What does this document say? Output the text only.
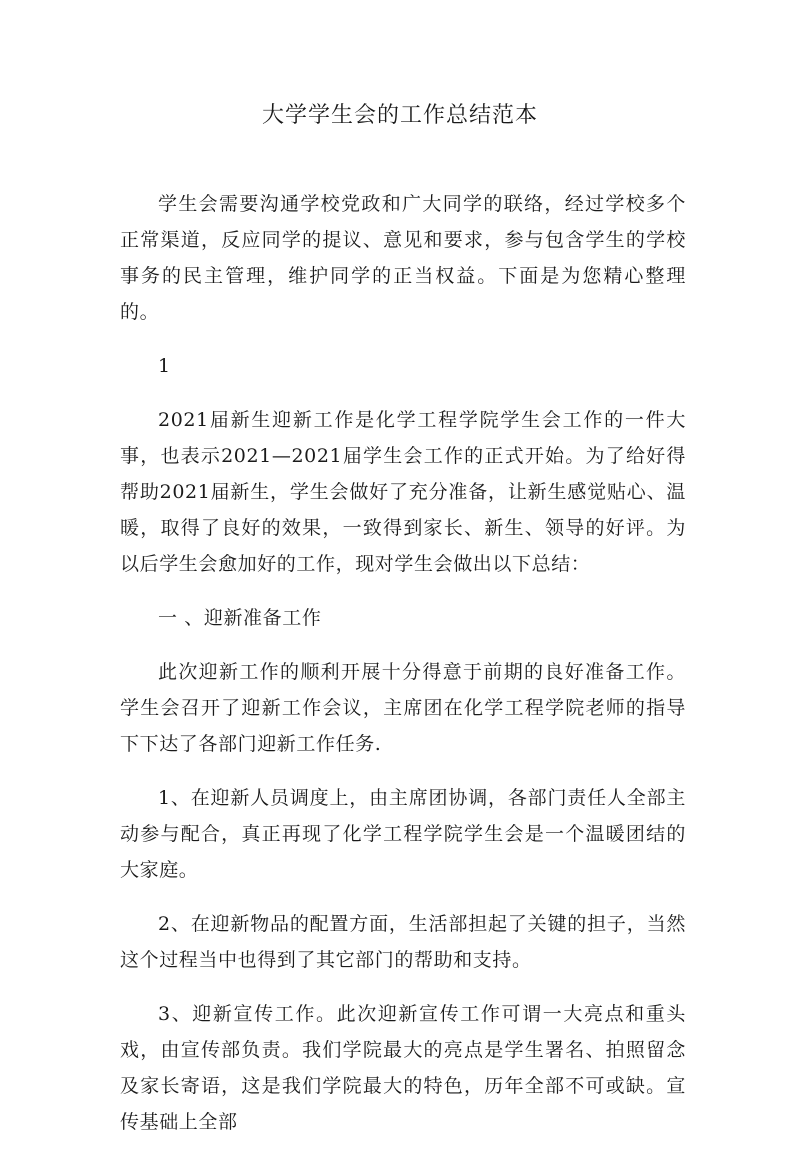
大学学生会的工作总结范本

学生会需要沟通学校党政和广大同学的联络，经过学校多个正常渠道，反应同学的提议、意见和要求，参与包含学生的学校事务的民主管理，维护同学的正当权益。下面是为您精心整理的。

1

2021届新生迎新工作是化学工程学院学生会工作的一件大事，也表示2021—2021届学生会工作的正式开始。为了给好得帮助2021届新生，学生会做好了充分准备，让新生感觉贴心、温暖，取得了良好的效果，一致得到家长、新生、领导的好评。为以后学生会愈加好的工作，现对学生会做出以下总结：

一 、迎新准备工作

此次迎新工作的顺利开展十分得意于前期的良好准备工作。学生会召开了迎新工作会议，主席团在化学工程学院老师的指导下下达了各部门迎新工作任务.

1、在迎新人员调度上，由主席团协调，各部门责任人全部主动参与配合，真正再现了化学工程学院学生会是一个温暖团结的大家庭。

2、在迎新物品的配置方面，生活部担起了关键的担子，当然这个过程当中也得到了其它部门的帮助和支持。

3、迎新宣传工作。此次迎新宣传工作可谓一大亮点和重头戏，由宣传部负责。我们学院最大的亮点是学生署名、拍照留念及家长寄语，这是我们学院最大的特色，历年全部不可或缺。宣传基础上全部
